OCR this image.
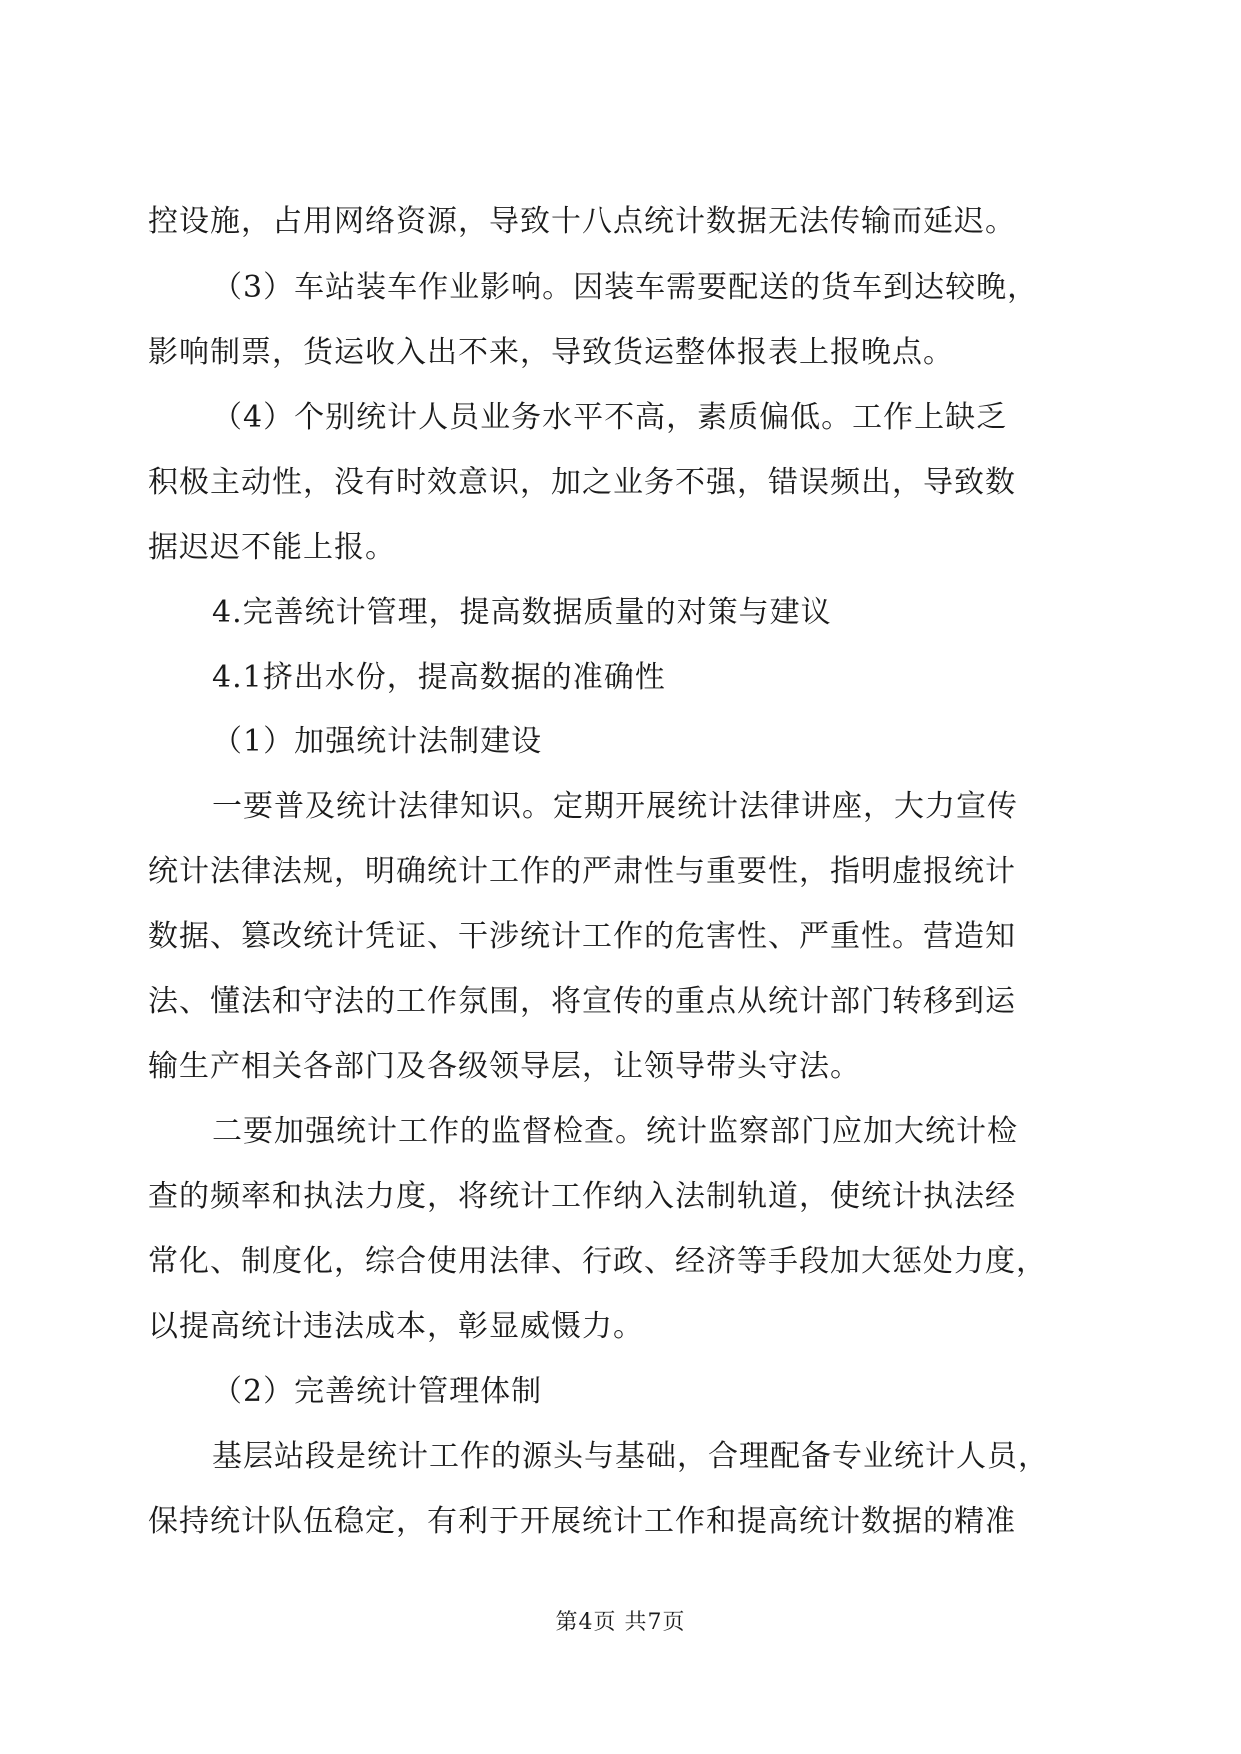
控设施，占用网络资源，导致十八点统计数据无法传输而延迟。
（3）车站装车作业影响。因装车需要配送的货车到达较晚，
影响制票，货运收入出不来，导致货运整体报表上报晚点。
（4）个别统计人员业务水平不高，素质偏低。工作上缺乏
积极主动性，没有时效意识，加之业务不强，错误频出，导致数
据迟迟不能上报。
4.完善统计管理，提高数据质量的对策与建议
4.1挤出水份，提高数据的准确性
（1）加强统计法制建设
一要普及统计法律知识。定期开展统计法律讲座，大力宣传
统计法律法规，明确统计工作的严肃性与重要性，指明虚报统计
数据、篡改统计凭证、干涉统计工作的危害性、严重性。营造知
法、懂法和守法的工作氛围，将宣传的重点从统计部门转移到运
输生产相关各部门及各级领导层，让领导带头守法。
二要加强统计工作的监督检查。统计监察部门应加大统计检
查的频率和执法力度，将统计工作纳入法制轨道，使统计执法经
常化、制度化，综合使用法律、行政、经济等手段加大惩处力度，
以提高统计违法成本，彰显威慑力。
（2）完善统计管理体制
基层站段是统计工作的源头与基础，合理配备专业统计人员，
保持统计队伍稳定，有利于开展统计工作和提高统计数据的精准
第4页 共7页
